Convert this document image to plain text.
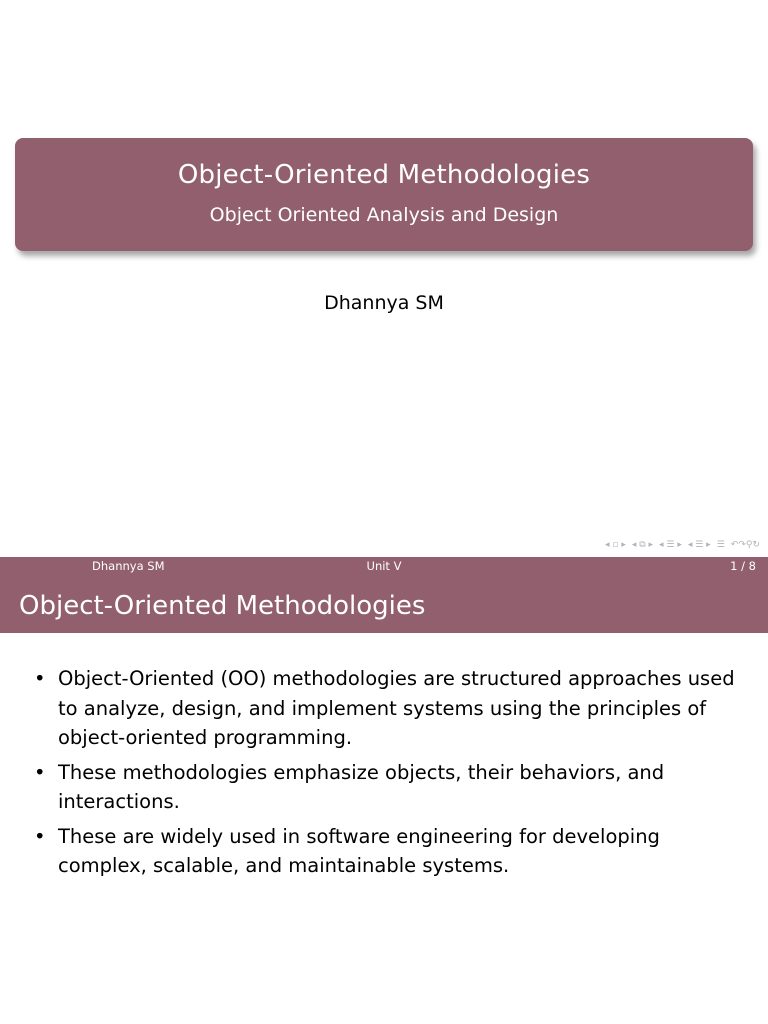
Object-Oriented Methodologies
Object Oriented Analysis and Design
Dhannya SM
◂ ▫ ▸ ◂ ⧉ ▸ ◂ ☰ ▸ ◂ ☰ ▸ ☰ ↶↷⚲↻
Dhannya SM	Unit V	1 / 8
Object-Oriented Methodologies
• Object-Oriented (OO) methodologies are structured approaches used to analyze, design, and implement systems using the principles of object-oriented programming.
• These methodologies emphasize objects, their behaviors, and interactions.
• These are widely used in software engineering for developing complex, scalable, and maintainable systems.
